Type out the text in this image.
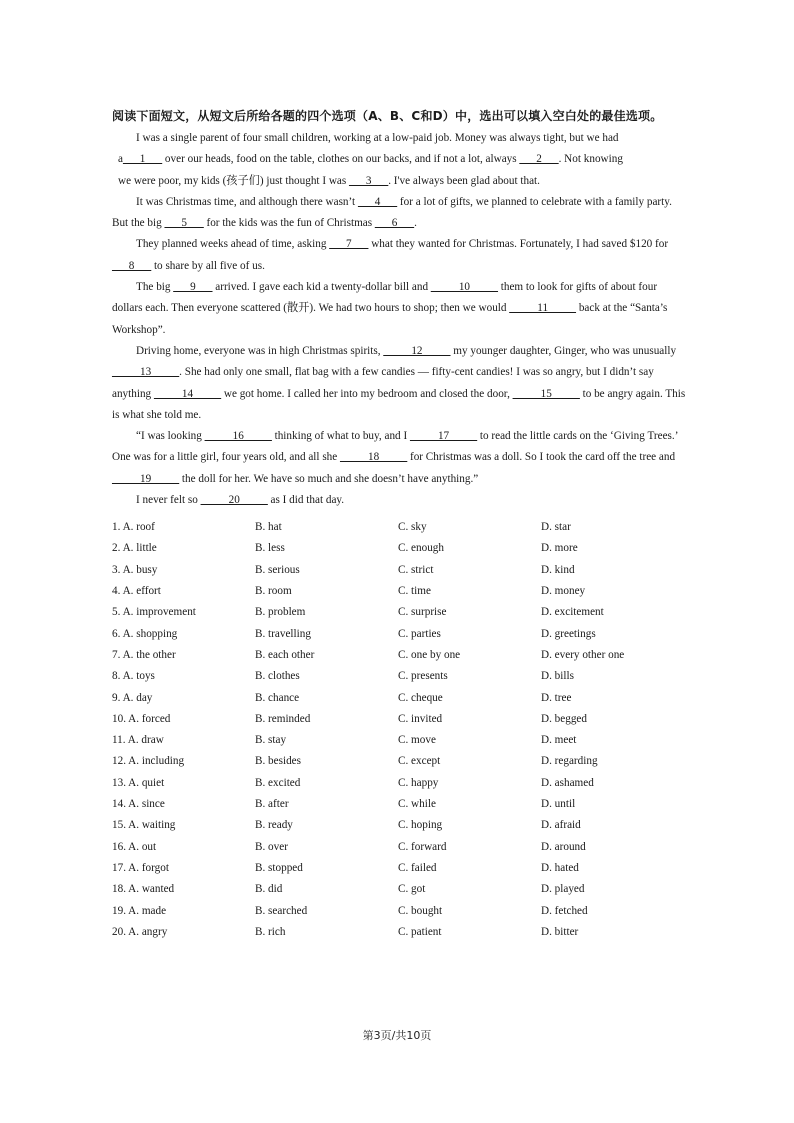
阅读下面短文，从短文后所给各题的四个选项（A、B、C和D）中，选出可以填入空白处的最佳选项。

I was a single parent of four small children, working at a low-paid job. Money was always tight, but we had

a___1___ over our heads, food on the table, clothes on our backs, and if not a lot, always ___2___. Not knowing

we were poor, my kids (孩子们) just thought I was ___3___. I've always been glad about that.

It was Christmas time, and although there wasn’t ___4___ for a lot of gifts, we planned to celebrate with a family party. But the big ___5___ for the kids was the fun of Christmas ___6___.

They planned weeks ahead of time, asking ___7___ what they wanted for Christmas. Fortunately, I had saved $120 for ___8___ to share by all five of us.

The big ___9___ arrived. I gave each kid a twenty-dollar bill and _____10_____ them to look for gifts of about four dollars each. Then everyone scattered (散开). We had two hours to shop; then we would _____11_____ back at the “Santa’s Workshop”.

Driving home, everyone was in high Christmas spirits, _____12_____ my younger daughter, Ginger, who was unusually _____13_____. She had only one small, flat bag with a few candies — fifty-cent candies! I was so angry, but I didn’t say anything _____14_____ we got home. I called her into my bedroom and closed the door, _____15_____ to be angry again. This is what she told me.

“I was looking _____16_____ thinking of what to buy, and I _____17_____ to read the little cards on the ‘Giving Trees.’ One was for a little girl, four years old, and all she _____18_____ for Christmas was a doll. So I took the card off the tree and _____19_____ the doll for her. We have so much and she doesn’t have anything.”

I never felt so _____20_____ as I did that day.

1. A. roof	B. hat	C. sky	D. star
2. A. little	B. less	C. enough	D. more
3. A. busy	B. serious	C. strict	D. kind
4. A. effort	B. room	C. time	D. money
5. A. improvement	B. problem	C. surprise	D. excitement
6. A. shopping	B. travelling	C. parties	D. greetings
7. A. the other	B. each other	C. one by one	D. every other one
8. A. toys	B. clothes	C. presents	D. bills
9. A. day	B. chance	C. cheque	D. tree
10. A. forced	B. reminded	C. invited	D. begged
11. A. draw	B. stay	C. move	D. meet
12. A. including	B. besides	C. except	D. regarding
13. A. quiet	B. excited	C. happy	D. ashamed
14. A. since	B. after	C. while	D. until
15. A. waiting	B. ready	C. hoping	D. afraid
16. A. out	B. over	C. forward	D. around
17. A. forgot	B. stopped	C. failed	D. hated
18. A. wanted	B. did	C. got	D. played
19. A. made	B. searched	C. bought	D. fetched
20. A. angry	B. rich	C. patient	D. bitter
第3页/共10页
